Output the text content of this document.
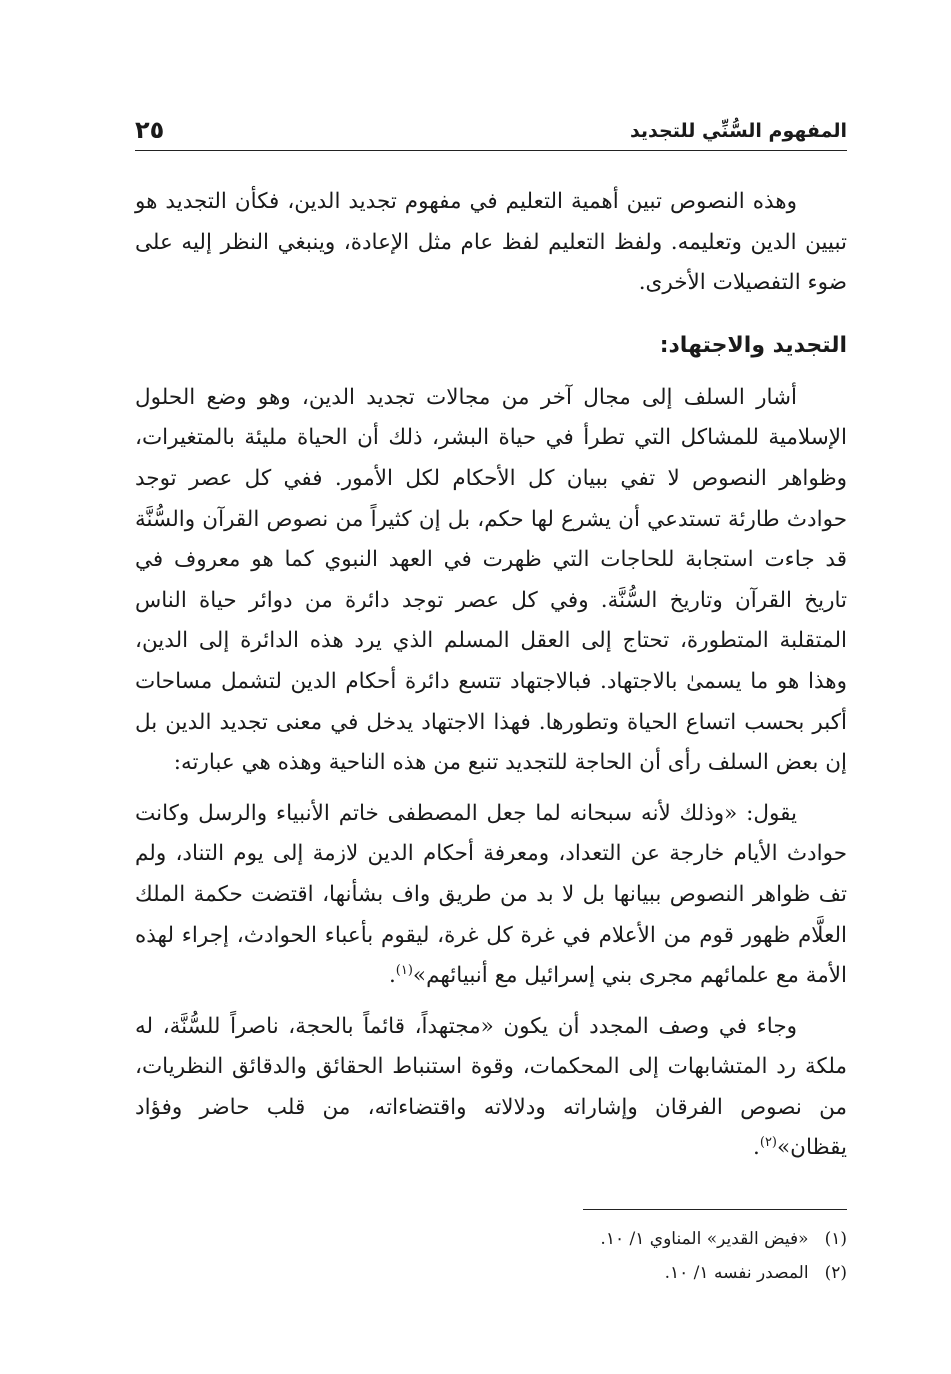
المفهوم السُّنِّي للتجديد
٢٥

وهذه النصوص تبين أهمية التعليم في مفهوم تجديد الدين، فكأن التجديد هو تبيين الدين وتعليمه. ولفظ التعليم لفظ عام مثل الإعادة، وينبغي النظر إليه على ضوء التفصيلات الأخرى.

التجديد والاجتهاد:

أشار السلف إلى مجال آخر من مجالات تجديد الدين، وهو وضع الحلول الإسلامية للمشاكل التي تطرأ في حياة البشر، ذلك أن الحياة مليئة بالمتغيرات، وظواهر النصوص لا تفي ببيان كل الأحكام لكل الأمور. ففي كل عصر توجد حوادث طارئة تستدعي أن يشرع لها حكم، بل إن كثيراً من نصوص القرآن والسُّنَّة قد جاءت استجابة للحاجات التي ظهرت في العهد النبوي كما هو معروف في تاريخ القرآن وتاريخ السُّنَّة. وفي كل عصر توجد دائرة من دوائر حياة الناس المتقلبة المتطورة، تحتاج إلى العقل المسلم الذي يرد هذه الدائرة إلى الدين، وهذا هو ما يسمىٰ بالاجتهاد. فبالاجتهاد تتسع دائرة أحكام الدين لتشمل مساحات أكبر بحسب اتساع الحياة وتطورها. فهذا الاجتهاد يدخل في معنى تجديد الدين بل إن بعض السلف رأى أن الحاجة للتجديد تنبع من هذه الناحية وهذه هي عبارته:

يقول: «وذلك لأنه سبحانه لما جعل المصطفى خاتم الأنبياء والرسل وكانت حوادث الأيام خارجة عن التعداد، ومعرفة أحكام الدين لازمة إلى يوم التناد، ولم تف ظواهر النصوص ببيانها بل لا بد من طريق واف بشأنها، اقتضت حكمة الملك العلَّام ظهور قوم من الأعلام في غرة كل غرة، ليقوم بأعباء الحوادث، إجراء لهذه الأمة مع علمائهم مجرى بني إسرائيل مع أنبيائهم»$^{(١)}$.

وجاء في وصف المجدد أن يكون «مجتهداً، قائماً بالحجة، ناصراً للسُّنَّة، له ملكة رد المتشابهات إلى المحكمات، وقوة استنباط الحقائق والدقائق النظريات، من نصوص الفرقان وإشاراته ودلالاته واقتضاءاته، من قلب حاضر وفؤاد يقظان»$^{(٢)}$.

(١)
«فيض القدير» المناوي ١/ ١٠.

(٢)
المصدر نفسه ١/ ١٠.
